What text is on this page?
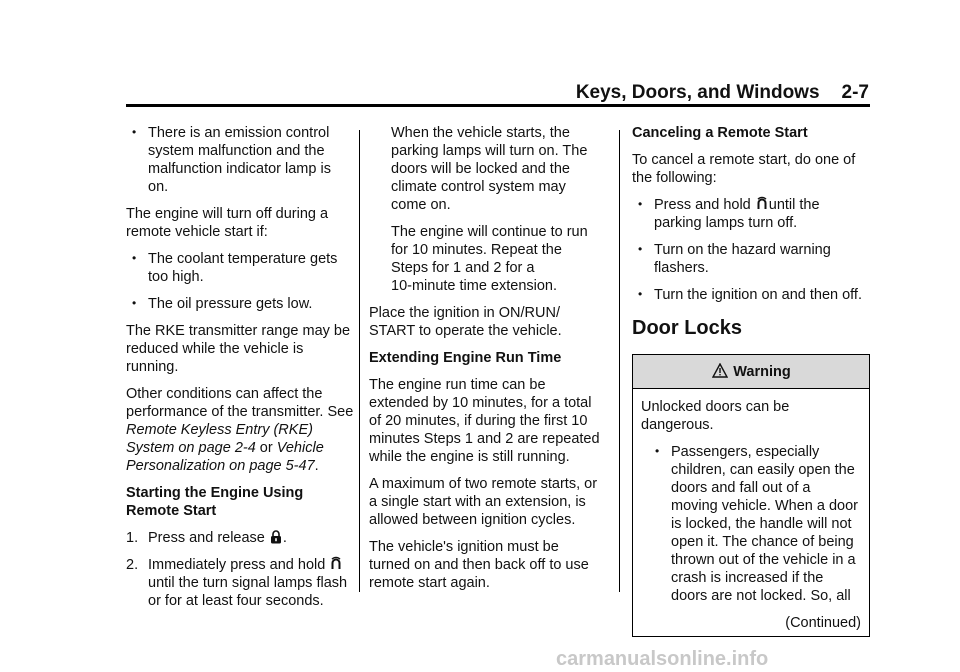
Keys, Doors, and Windows 2-7
• There is an emission control system malfunction and the malfunction indicator lamp is on.

The engine will turn off during a remote vehicle start if:

• The coolant temperature gets too high.
• The oil pressure gets low.

The RKE transmitter range may be reduced while the vehicle is running.

Other conditions can affect the performance of the transmitter. See Remote Keyless Entry (RKE) System on page 2‑4 or Vehicle Personalization on page 5‑47.

Starting the Engine Using Remote Start

1. Press and release .
2. Immediately press and hold
until the turn signal lamps flash or for at least four seconds.

When the vehicle starts, the parking lamps will turn on. The doors will be locked and the climate control system may come on.

The engine will continue to run for 10 minutes. Repeat the Steps for 1 and 2 for a 10‑minute time extension.

Place the ignition in ON/RUN/ START to operate the vehicle.

Extending Engine Run Time

The engine run time can be extended by 10 minutes, for a total of 20 minutes, if during the first 10 minutes Steps 1 and 2 are repeated while the engine is still running.

A maximum of two remote starts, or a single start with an extension, is allowed between ignition cycles.

The vehicle's ignition must be turned on and then back off to use remote start again.

Canceling a Remote Start

To cancel a remote start, do one of the following:

• Press and hold until the parking lamps turn off.
• Turn on the hazard warning flashers.
• Turn the ignition on and then off.
Door Locks
Warning

Unlocked doors can be dangerous.

• Passengers, especially children, can easily open the doors and fall out of a moving vehicle. When a door is locked, the handle will not open it. The chance of being thrown out of the vehicle in a crash is increased if the doors are not locked. So, all

(Continued)

carmanualsonline.info
